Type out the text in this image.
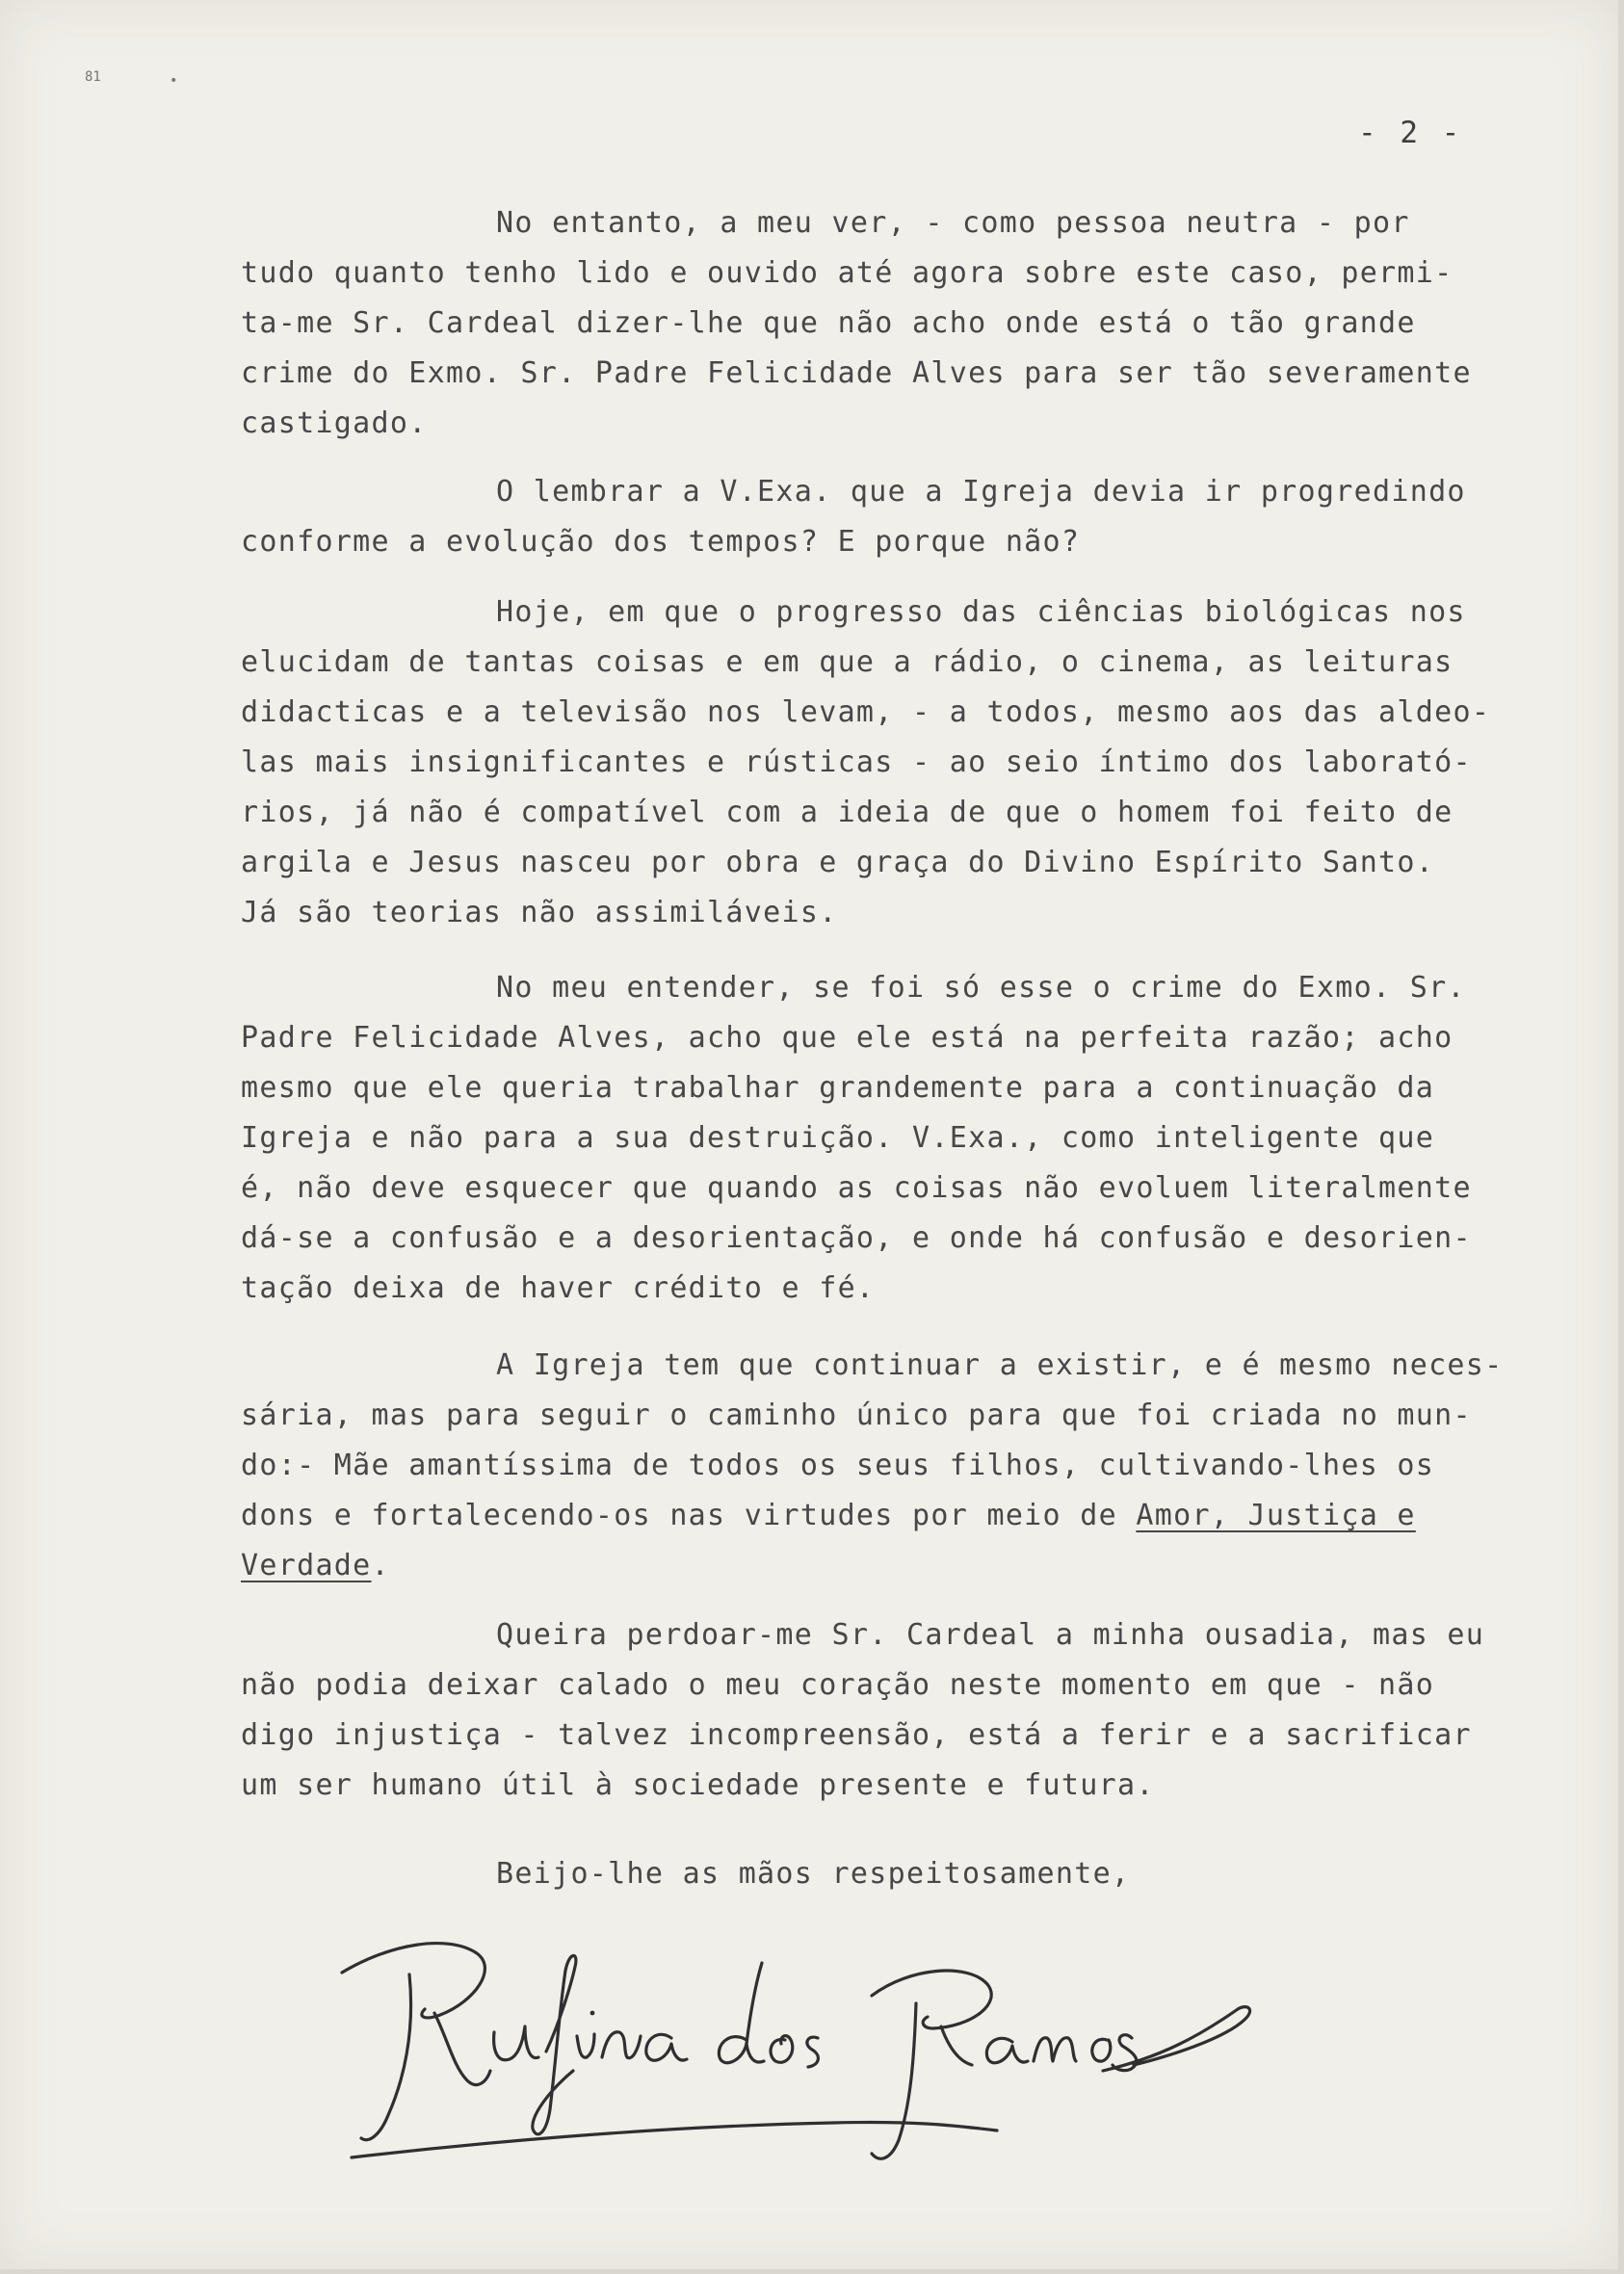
81	•
- 2 -

No entanto, a meu ver, - como pessoa neutra - por
tudo quanto tenho lido e ouvido até agora sobre este caso, permi-
ta-me Sr. Cardeal dizer-lhe que não acho onde está o tão grande
crime do Exmo. Sr. Padre Felicidade Alves para ser tão severamente
castigado.

O lembrar a V.Exa. que a Igreja devia ir progredindo
conforme a evolução dos tempos? E porque não?

Hoje, em que o progresso das ciências biológicas nos
elucidam de tantas coisas e em que a rádio, o cinema, as leituras
didacticas e a televisão nos levam, - a todos, mesmo aos das aldeo-
las mais insignificantes e rústicas - ao seio íntimo dos laborató-
rios, já não é compatível com a ideia de que o homem foi feito de
argila e Jesus nasceu por obra e graça do Divino Espírito Santo.
Já são teorias não assimiláveis.

No meu entender, se foi só esse o crime do Exmo. Sr.
Padre Felicidade Alves, acho que ele está na perfeita razão; acho
mesmo que ele queria trabalhar grandemente para a continuação da
Igreja e não para a sua destruição. V.Exa., como inteligente que
é, não deve esquecer que quando as coisas não evoluem literalmente
dá-se a confusão e a desorientação, e onde há confusão e desorien-
tação deixa de haver crédito e fé.

A Igreja tem que continuar a existir, e é mesmo neces-
sária, mas para seguir o caminho único para que foi criada no mun-
do:- Mãe amantíssima de todos os seus filhos, cultivando-lhes os
dons e fortalecendo-os nas virtudes por meio de Amor, Justiça e
Verdade.

Queira perdoar-me Sr. Cardeal a minha ousadia, mas eu
não podia deixar calado o meu coração neste momento em que - não
digo injustiça - talvez incompreensão, está a ferir e a sacrificar
um ser humano útil à sociedade presente e futura.

Beijo-lhe as mãos respeitosamente,
